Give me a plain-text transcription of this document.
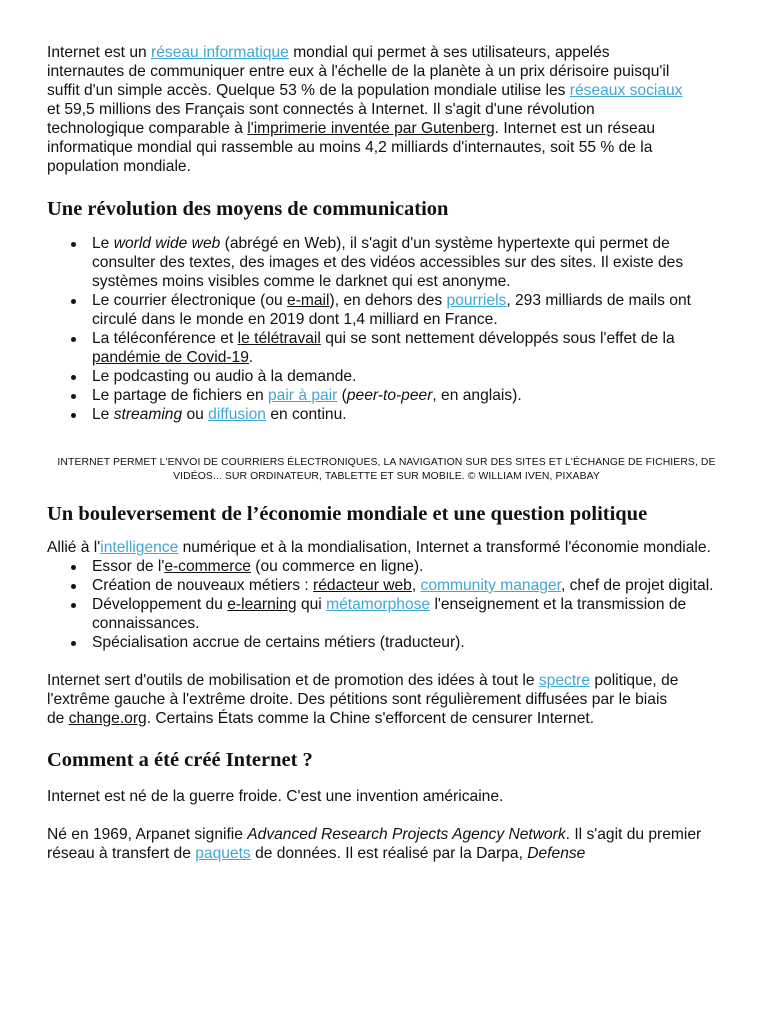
Internet est un réseau informatique mondial qui permet à ses utilisateurs, appelés internautes de communiquer entre eux à l'échelle de la planète à un prix dérisoire puisqu'il suffit d'un simple accès. Quelque 53 % de la population mondiale utilise les réseaux sociaux et 59,5 millions des Français sont connectés à Internet. Il s'agit d'une révolution technologique comparable à l'imprimerie inventée par Gutenberg. Internet est un réseau informatique mondial qui rassemble au moins 4,2 milliards d'internautes, soit 55 % de la population mondiale.

Une révolution des moyens de communication
Le world wide web (abrégé en Web), il s'agit d'un système hypertexte qui permet de consulter des textes, des images et des vidéos accessibles sur des sites. Il existe des systèmes moins visibles comme le darknet qui est anonyme.
Le courrier électronique (ou e-mail), en dehors des pourriels, 293 milliards de mails ont circulé dans le monde en 2019 dont 1,4 milliard en France.
La téléconférence et le télétravail qui se sont nettement développés sous l'effet de la pandémie de Covid-19.
Le podcasting ou audio à la demande.
Le partage de fichiers en pair à pair (peer-to-peer, en anglais).
Le streaming ou diffusion en continu.

INTERNET PERMET L'ENVOI DE COURRIERS ÉLECTRONIQUES, LA NAVIGATION SUR DES SITES ET L'ÉCHANGE DE FICHIERS, DE VIDÉOS... SUR ORDINATEUR, TABLETTE ET SUR MOBILE. © WILLIAM IVEN, PIXABAY

Un bouleversement de l’économie mondiale et une question politique

Allié à l'intelligence numérique et à la mondialisation, Internet a transformé l'économie mondiale.

Essor de l'e-commerce (ou commerce en ligne).
Création de nouveaux métiers : rédacteur web, community manager, chef de projet digital.
Développement du e-learning qui métamorphose l'enseignement et la transmission de connaissances.
Spécialisation accrue de certains métiers (traducteur).

Internet sert d'outils de mobilisation et de promotion des idées à tout le spectre politique, de l'extrême gauche à l'extrême droite. Des pétitions sont régulièrement diffusées par le biais de change.org. Certains États comme la Chine s'efforcent de censurer Internet.

Comment a été créé Internet ?

Internet est né de la guerre froide. C'est une invention américaine.

Né en 1969, Arpanet signifie Advanced Research Projects Agency Network. Il s'agit du premier réseau à transfert de paquets de données. Il est réalisé par la Darpa, Defense
